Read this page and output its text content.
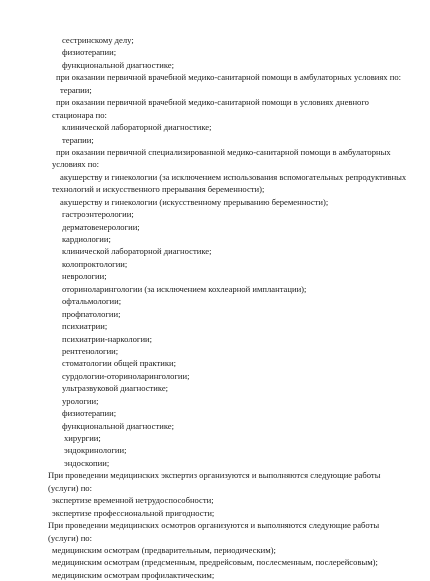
сестринскому делу;
физиотерапии;
функциональной диагностике;
при оказании первичной врачебной медико-санитарной помощи в амбулаторных условиях по:
терапии;
при оказании первичной врачебной медико-санитарной помощи в условиях дневного
стационара по:
клинической лабораторной диагностике;
терапии;
при оказании первичной специализированной медико-санитарной помощи в амбулаторных
условиях по:
акушерству и гинекологии (за исключением использования вспомогательных репродуктивных
технологий и искусственного прерывания беременности);
акушерству и гинекологии (искусственному прерыванию беременности);
гастроэнтерологии;
дерматовенерологии;
кардиологии;
клинической лабораторной диагностике;
колопроктологии;
неврологии;
оториноларингологии (за исключением кохлеарной имплантации);
офтальмологии;
профпатологии;
психиатрии;
психиатрии-наркологии;
рентгенологии;
стоматологии общей практики;
сурдологии-оториноларингологии;
ультразвуковой диагностике;
урологии;
физиотерапии;
функциональной диагностике;
хирургии;
эндокринологии;
эндоскопии;
При проведении медицинских экспертиз организуются и выполняются следующие работы
(услуги) по:
экспертизе временной нетрудоспособности;
экспертизе профессиональной пригодности;
При проведении медицинских осмотров организуются и выполняются следующие работы
(услуги) по:
медицинским осмотрам (предварительным, периодическим);
медицинским осмотрам (предсменным, предрейсовым, послесменным, послерейсовым);
медицинским осмотрам профилактическим;
